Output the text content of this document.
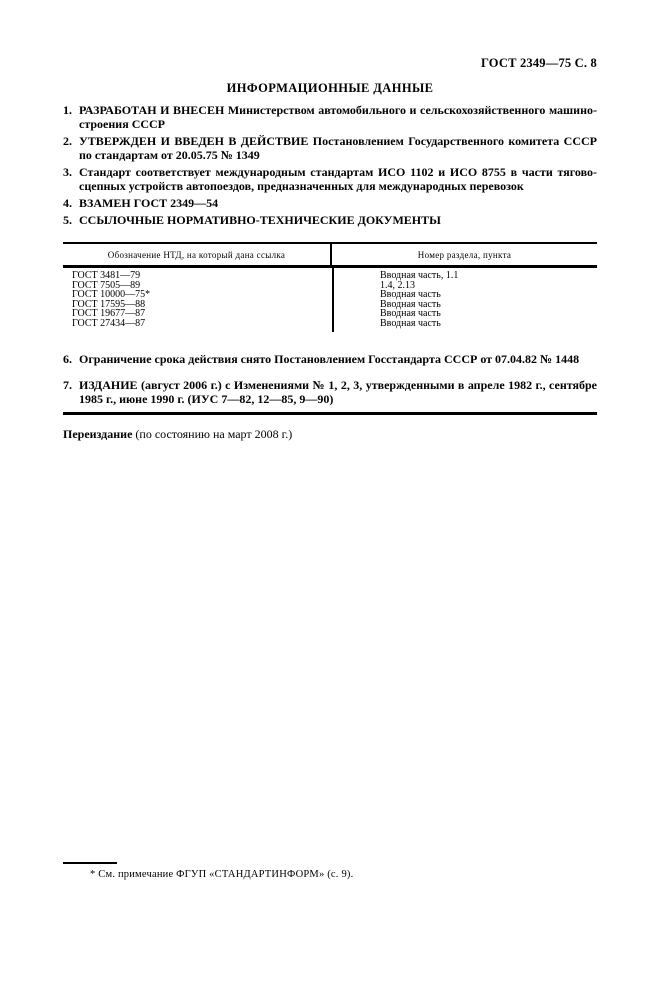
ГОСТ 2349—75 С. 8
ИНФОРМАЦИОННЫЕ ДАННЫЕ
1. РАЗРАБОТАН И ВНЕСЕН Министерством автомобильного и сельскохозяйственного машиностроения СССР
2. УТВЕРЖДЕН И ВВЕДЕН В ДЕЙСТВИЕ Постановлением Государственного комитета СССР по стандартам от 20.05.75 № 1349
3. Стандарт соответствует международным стандартам ИСО 1102 и ИСО 8755 в части тягово-сцепных устройств автопоездов, предназначенных для международных перевозок
4. ВЗАМЕН ГОСТ 2349—54
5. ССЫЛОЧНЫЕ НОРМАТИВНО-ТЕХНИЧЕСКИЕ ДОКУМЕНТЫ
Обозначение НТД, на который дана ссылка	Номер раздела, пункта
ГОСТ 3481—79	Вводная часть, 1.1
ГОСТ 7505—89	1.4, 2.13
ГОСТ 10000—75*	Вводная часть
ГОСТ 17595—88	Вводная часть
ГОСТ 19677—87	Вводная часть
ГОСТ 27434—87	Вводная часть
6. Ограничение срока действия снято Постановлением Госстандарта СССР от 07.04.82 № 1448
7. ИЗДАНИЕ (август 2006 г.) с Изменениями № 1, 2, 3, утвержденными в апреле 1982 г., сентябре 1985 г., июне 1990 г. (ИУС 7—82, 12—85, 9—90)
Переиздание (по состоянию на март 2008 г.)
* См. примечание ФГУП «СТАНДАРТИНФОРМ» (с. 9).
